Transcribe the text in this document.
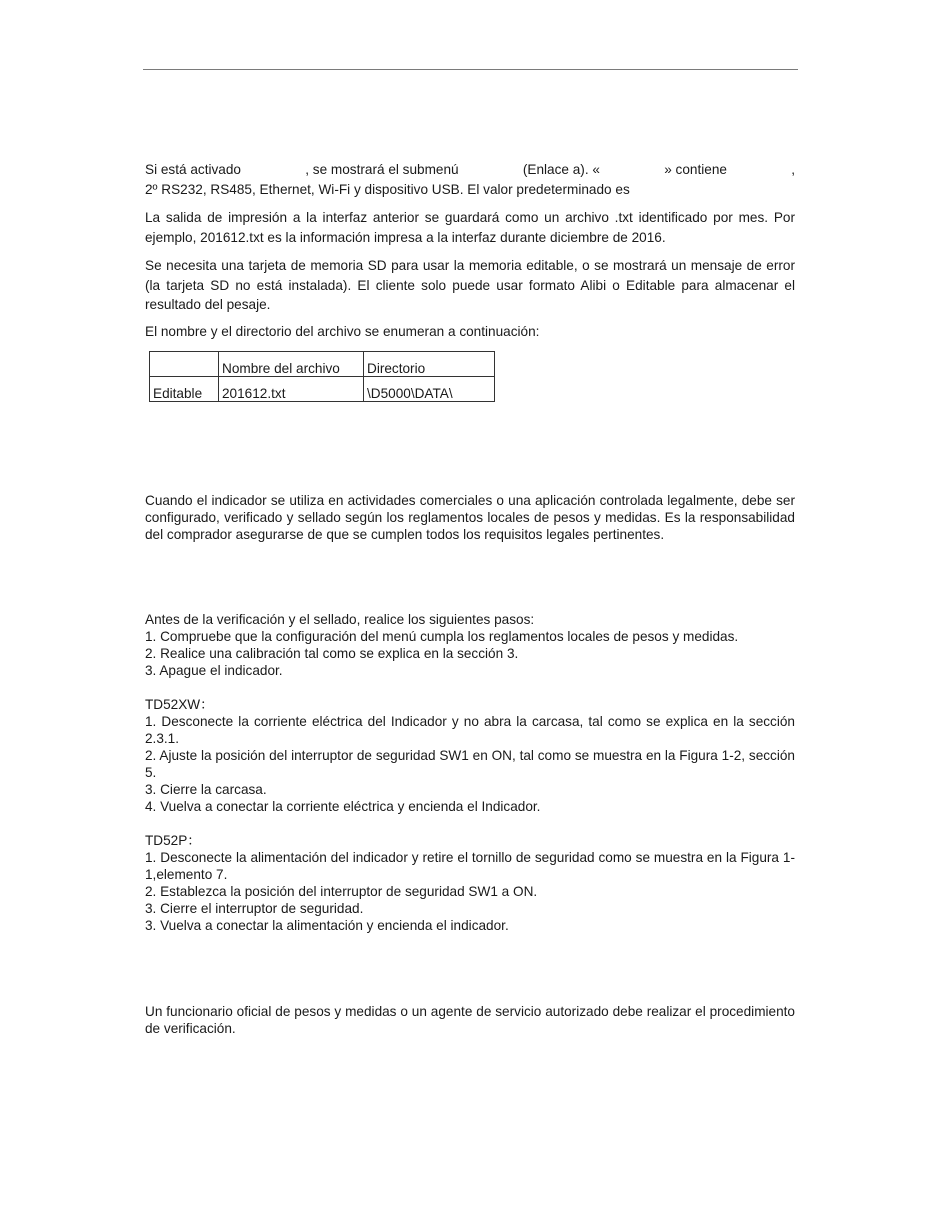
Si está activado	, se mostrará el submenú	(Enlace a). «	» contiene	,
2º RS232, RS485, Ethernet, Wi-Fi y dispositivo USB. El valor predeterminado es

La salida de impresión a la interfaz anterior se guardará como un archivo .txt identificado por mes. Por ejemplo, 201612.txt es la información impresa a la interfaz durante diciembre de 2016.

Se necesita una tarjeta de memoria SD para usar la memoria editable, o se mostrará un mensaje de error (la tarjeta SD no está instalada). El cliente solo puede usar formato Alibi o Editable para almacenar el resultado del pesaje.

El nombre y el directorio del archivo se enumeran a continuación:

	Nombre del archivo	Directorio
Editable	201612.txt	\D5000\DATA\

Cuando el indicador se utiliza en actividades comerciales o una aplicación controlada legalmente, debe ser configurado, verificado y sellado según los reglamentos locales de pesos y medidas. Es la responsabilidad del comprador asegurarse de que se cumplen todos los requisitos legales pertinentes.

Antes de la verificación y el sellado, realice los siguientes pasos:
1. Compruebe que la configuración del menú cumpla los reglamentos locales de pesos y medidas.
2. Realice una calibración tal como se explica en la sección 3.
3. Apague el indicador.
TD52XW：
1. Desconecte la corriente eléctrica del Indicador y no abra la carcasa, tal como se explica en la sección 2.3.1.
2. Ajuste la posición del interruptor de seguridad SW1 en ON, tal como se muestra en la Figura 1-2, sección 5.
3. Cierre la carcasa.
4. Vuelva a conectar la corriente eléctrica y encienda el Indicador.
TD52P：
1. Desconecte la alimentación del indicador y retire el tornillo de seguridad como se muestra en la Figura 1-1,elemento 7.
2. Establezca la posición del interruptor de seguridad SW1 a ON.
3. Cierre el interruptor de seguridad.
3. Vuelva a conectar la alimentación y encienda el indicador.

Un funcionario oficial de pesos y medidas o un agente de servicio autorizado debe realizar el procedimiento de verificación.
